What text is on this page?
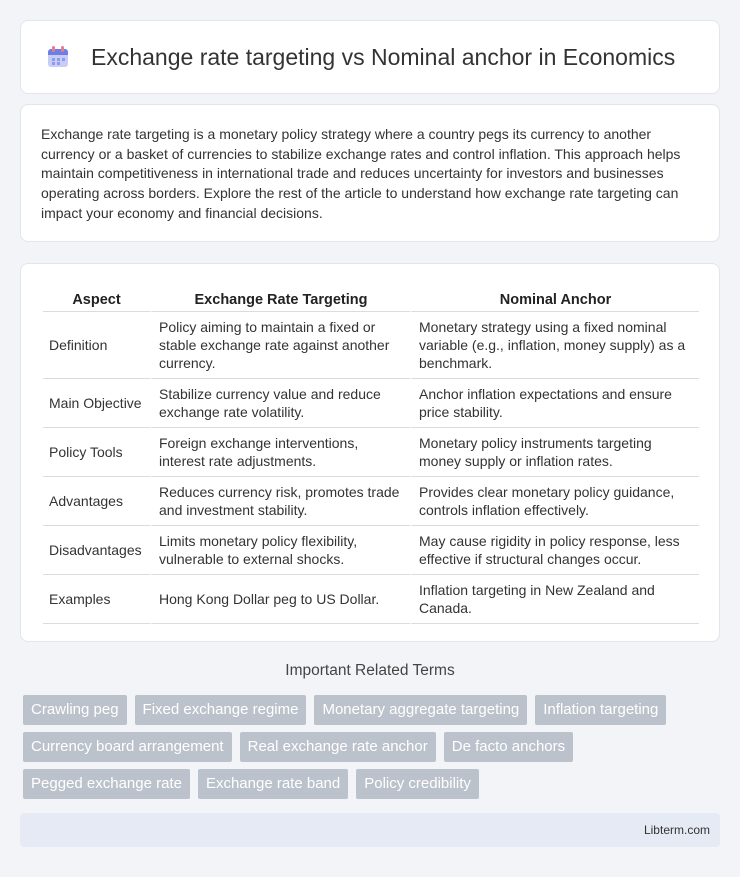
Exchange rate targeting vs Nominal anchor in Economics

Exchange rate targeting is a monetary policy strategy where a country pegs its currency to another currency or a basket of currencies to stabilize exchange rates and control inflation. This approach helps maintain competitiveness in international trade and reduces uncertainty for investors and businesses operating across borders. Explore the rest of the article to understand how exchange rate targeting can impact your economy and financial decisions.

Aspect	Exchange Rate Targeting	Nominal Anchor
Definition	Policy aiming to maintain a fixed or stable exchange rate against another currency.	Monetary strategy using a fixed nominal variable (e.g., inflation, money supply) as a benchmark.
Main Objective	Stabilize currency value and reduce exchange rate volatility.	Anchor inflation expectations and ensure price stability.
Policy Tools	Foreign exchange interventions, interest rate adjustments.	Monetary policy instruments targeting money supply or inflation rates.
Advantages	Reduces currency risk, promotes trade and investment stability.	Provides clear monetary policy guidance, controls inflation effectively.
Disadvantages	Limits monetary policy flexibility, vulnerable to external shocks.	May cause rigidity in policy response, less effective if structural changes occur.
Examples	Hong Kong Dollar peg to US Dollar.	Inflation targeting in New Zealand and Canada.
Important Related Terms
Crawling peg	Fixed exchange regime	Monetary aggregate targeting	Inflation targeting
Currency board arrangement	Real exchange rate anchor	De facto anchors
Pegged exchange rate	Exchange rate band	Policy credibility
Libterm.com
